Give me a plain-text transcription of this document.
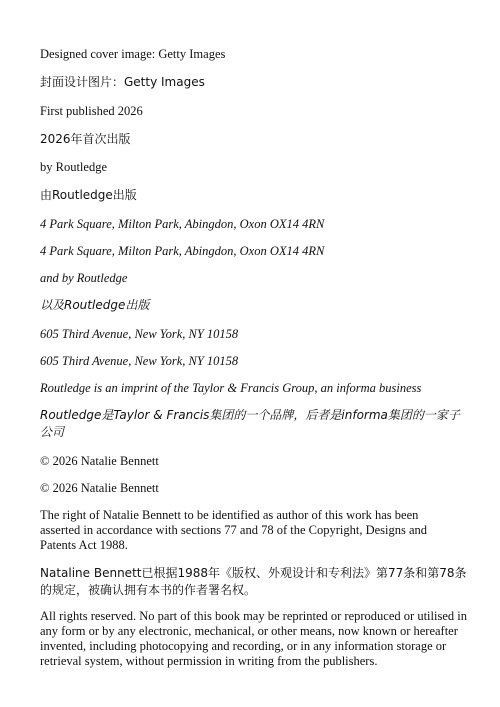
Designed cover image: Getty Images

封面设计图片：Getty Images

First published 2026

2026年首次出版

by Routledge

由Routledge出版

4 Park Square, Milton Park, Abingdon, Oxon OX14 4RN

4 Park Square, Milton Park, Abingdon, Oxon OX14 4RN

and by Routledge

以及Routledge出版

605 Third Avenue, New York, NY 10158

605 Third Avenue, New York, NY 10158

Routledge is an imprint of the Taylor & Francis Group, an informa business

Routledge是Taylor & Francis集团的一个品牌，后者是informa集团的一家子公司

© 2026 Natalie Bennett

© 2026 Natalie Bennett

The right of Natalie Bennett to be identified as author of this work has been asserted in accordance with sections 77 and 78 of the Copyright, Designs and Patents Act 1988.

Nataline Bennett已根据1988年《版权、外观设计和专利法》第77条和第78条的规定，被确认拥有本书的作者署名权。

All rights reserved. No part of this book may be reprinted or reproduced or utilised in any form or by any electronic, mechanical, or other means, now known or hereafter invented, including photocopying and recording, or in any information storage or retrieval system, without permission in writing from the publishers.
